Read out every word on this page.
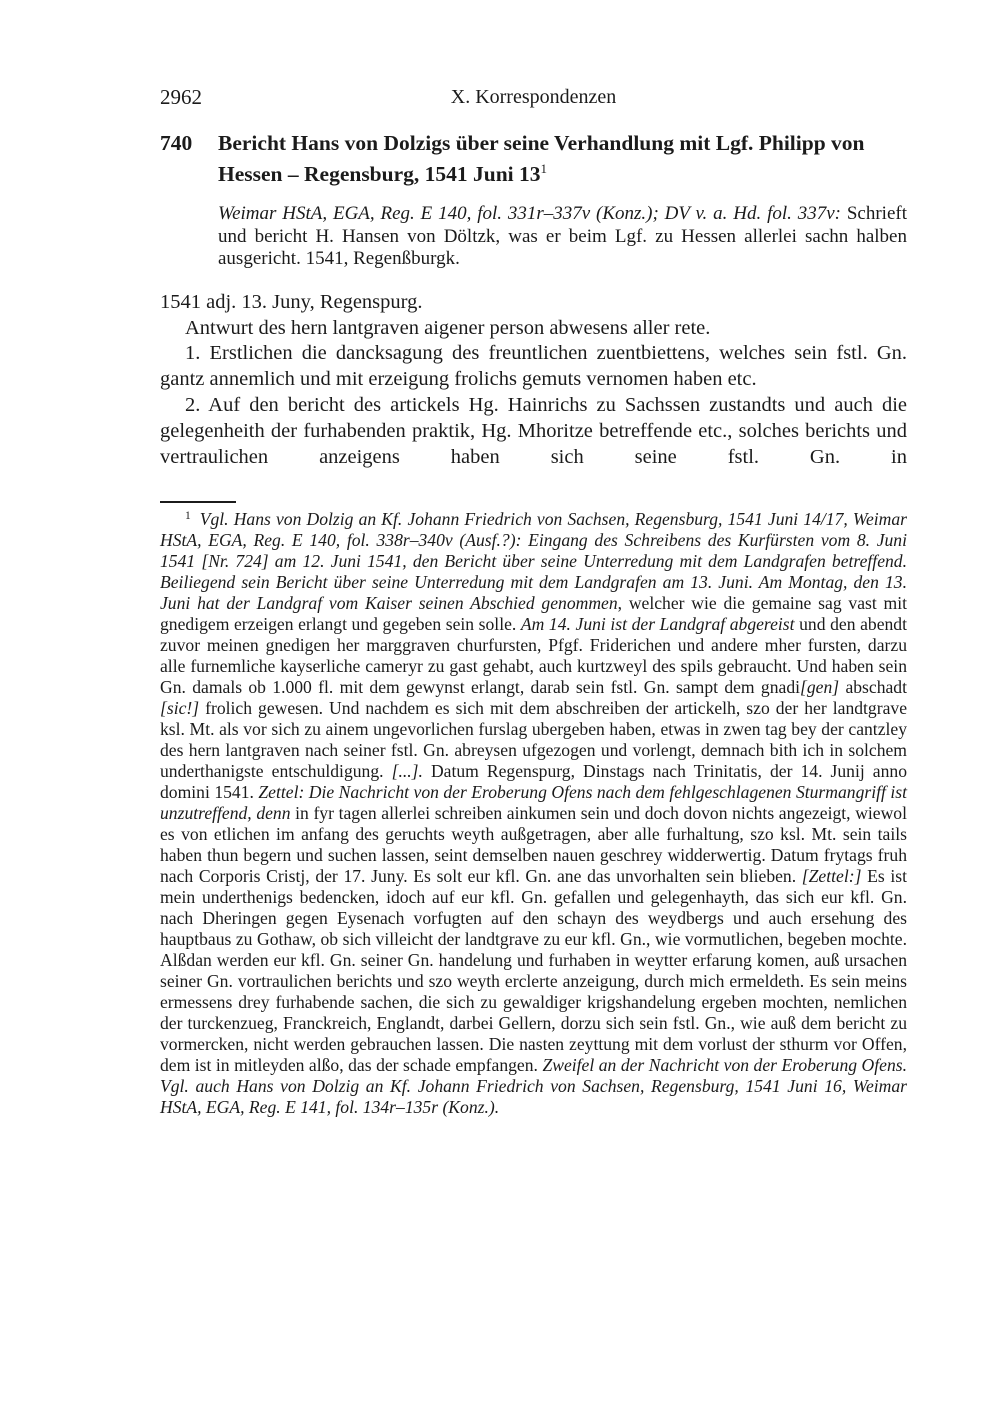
2962	X. Korrespondenzen
740	Bericht Hans von Dolzigs über seine Verhandlung mit Lgf. Philipp von Hessen – Regensburg, 1541 Juni $13^1$

Weimar HStA, EGA, Reg. E 140, fol. 331r–337v (Konz.); DV v. a. Hd. fol. 337v: Schrieft und bericht H. Hansen von Döltzk, was er beim Lgf. zu Hessen allerlei sachn halben ausgericht. 1541, Regenßburgk.

1541 adj. 13. Juny, Regenspurg.

Antwurt des hern lantgraven aigener person abwesens aller rete.

1. Erstlichen die dancksagung des freuntlichen zuentbiettens, welches sein fstl. Gn. gantz annemlich und mit erzeigung frolichs gemuts vernomen haben etc.

2. Auf den bericht des artickels Hg. Hainrichs zu Sachssen zustandts und auch die gelegenheith der furhabenden praktik, Hg. Mhoritze betreffende etc., solches berichts und vertraulichen anzeigens haben sich seine fstl. Gn. in

$^1$ Vgl. Hans von Dolzig an Kf. Johann Friedrich von Sachsen, Regensburg, 1541 Juni 14/17, Weimar HStA, EGA, Reg. E 140, fol. 338r–340v (Ausf.?): Eingang des Schreibens des Kurfürsten vom 8. Juni 1541 [Nr. 724] am 12. Juni 1541, den Bericht über seine Unterredung mit dem Landgrafen betreffend. Beiliegend sein Bericht über seine Unterredung mit dem Landgrafen am 13. Juni. Am Montag, den 13. Juni hat der Landgraf vom Kaiser seinen Abschied genommen, welcher wie die gemaine sag vast mit gnedigem erzeigen erlangt und gegeben sein solle. Am 14. Juni ist der Landgraf abgereist und den abendt zuvor meinen gnedigen her marggraven churfursten, Pfgf. Friderichen und andere mher fursten, darzu alle furnemliche kayserliche cameryr zu gast gehabt, auch kurtzweyl des spils gebraucht. Und haben sein Gn. damals ob 1.000 fl. mit dem gewynst erlangt, darab sein fstl. Gn. sampt dem gnadi[gen] abschadt [sic!] frolich gewesen. Und nachdem es sich mit dem abschreiben der artickelh, szo der her landtgrave ksl. Mt. als vor sich zu ainem ungevorlichen furslag ubergeben haben, etwas in zwen tag bey der cantzley des hern lantgraven nach seiner fstl. Gn. abreysen ufgezogen und vorlengt, demnach bith ich in solchem underthanigste entschuldigung. [...]. Datum Regenspurg, Dinstags nach Trinitatis, der 14. Junij anno domini 1541. Zettel: Die Nachricht von der Eroberung Ofens nach dem fehlgeschlagenen Sturmangriff ist unzutreffend, denn in fyr tagen allerlei schreiben ainkumen sein und doch dovon nichts angezeigt, wiewol es von etlichen im anfang des geruchts weyth außgetragen, aber alle furhaltung, szo ksl. Mt. sein tails haben thun begern und suchen lassen, seint demselben nauen geschrey widderwertig. Datum frytags fruh nach Corporis Cristj, der 17. Juny. Es solt eur kfl. Gn. ane das unvorhalten sein blieben. [Zettel:] Es ist mein underthenigs bedencken, idoch auf eur kfl. Gn. gefallen und gelegenhayth, das sich eur kfl. Gn. nach Dheringen gegen Eysenach vorfugten auf den schayn des weydbergs und auch ersehung des hauptbaus zu Gothaw, ob sich villeicht der landtgrave zu eur kfl. Gn., wie vormutlichen, begeben mochte. Alßdan werden eur kfl. Gn. seiner Gn. handelung und furhaben in weytter erfarung komen, auß ursachen seiner Gn. vortraulichen berichts und szo weyth erclerte anzeigung, durch mich ermeldeth. Es sein meins ermessens drey furhabende sachen, die sich zu gewaldiger krigshandelung ergeben mochten, nemlichen der turckenzueg, Franckreich, Englandt, darbei Gellern, dorzu sich sein fstl. Gn., wie auß dem bericht zu vormercken, nicht werden gebrauchen lassen. Die nasten zeyttung mit dem vorlust der sthurm vor Offen, dem ist in mitleyden alßo, das der schade empfangen. Zweifel an der Nachricht von der Eroberung Ofens. Vgl. auch Hans von Dolzig an Kf. Johann Friedrich von Sachsen, Regensburg, 1541 Juni 16, Weimar HStA, EGA, Reg. E 141, fol. 134r–135r (Konz.).
